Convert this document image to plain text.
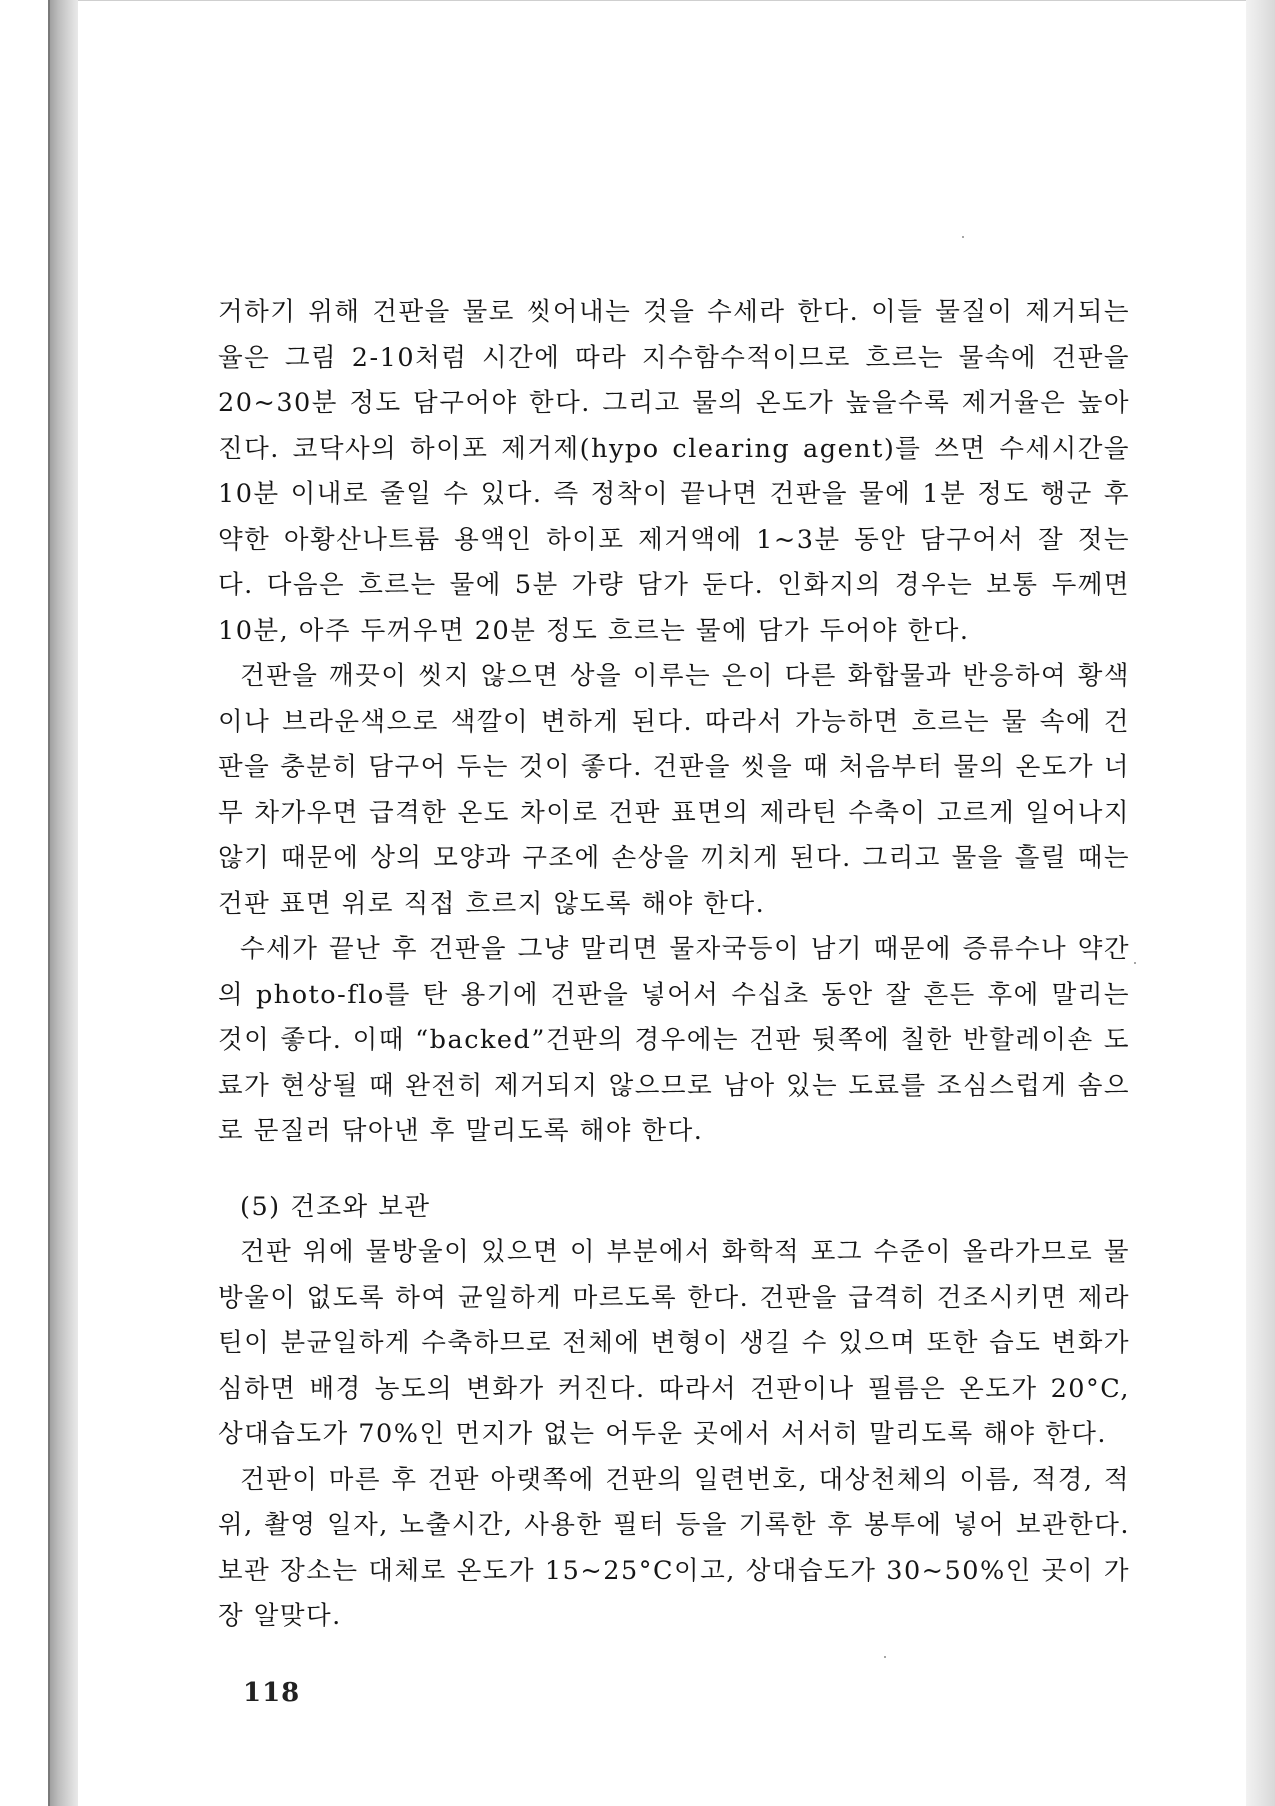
거하기 위해 건판을 물로 씻어내는 것을 수세라 한다. 이들 물질이 제거되는 율은 그림 2-10처럼 시간에 따라 지수함수적이므로 흐르는 물속에 건판을 20~30분 정도 담구어야 한다. 그리고 물의 온도가 높을수록 제거율은 높아진다. 코닥사의 하이포 제거제(hypo clearing agent)를 쓰면 수세시간을 10분 이내로 줄일 수 있다. 즉 정착이 끝나면 건판을 물에 1분 정도 행군 후 약한 아황산나트륨 용액인 하이포 제거액에 1~3분 동안 담구어서 잘 젓는다. 다음은 흐르는 물에 5분 가량 담가 둔다. 인화지의 경우는 보통 두께면 10분, 아주 두꺼우면 20분 정도 흐르는 물에 담가 두어야 한다.

건판을 깨끗이 씻지 않으면 상을 이루는 은이 다른 화합물과 반응하여 황색이나 브라운색으로 색깔이 변하게 된다. 따라서 가능하면 흐르는 물 속에 건판을 충분히 담구어 두는 것이 좋다. 건판을 씻을 때 처음부터 물의 온도가 너무 차가우면 급격한 온도 차이로 건판 표면의 제라틴 수축이 고르게 일어나지 않기 때문에 상의 모양과 구조에 손상을 끼치게 된다. 그리고 물을 흘릴 때는 건판 표면 위로 직접 흐르지 않도록 해야 한다.

수세가 끝난 후 건판을 그냥 말리면 물자국등이 남기 때문에 증류수나 약간의 photo-flo를 탄 용기에 건판을 넣어서 수십초 동안 잘 흔든 후에 말리는 것이 좋다. 이때 “backed”건판의 경우에는 건판 뒷쪽에 칠한 반할레이숀 도료가 현상될 때 완전히 제거되지 않으므로 남아 있는 도료를 조심스럽게 솜으로 문질러 닦아낸 후 말리도록 해야 한다.

(5) 건조와 보관

건판 위에 물방울이 있으면 이 부분에서 화학적 포그 수준이 올라가므로 물방울이 없도록 하여 균일하게 마르도록 한다. 건판을 급격히 건조시키면 제라틴이 분균일하게 수축하므로 전체에 변형이 생길 수 있으며 또한 습도 변화가 심하면 배경 농도의 변화가 커진다. 따라서 건판이나 필름은 온도가 20°C, 상대습도가 70%인 먼지가 없는 어두운 곳에서 서서히 말리도록 해야 한다.

건판이 마른 후 건판 아랫쪽에 건판의 일련번호, 대상천체의 이름, 적경, 적위, 촬영 일자, 노출시간, 사용한 필터 등을 기록한 후 봉투에 넣어 보관한다. 보관 장소는 대체로 온도가 15~25°C이고, 상대습도가 30~50%인 곳이 가장 알맞다.

118
